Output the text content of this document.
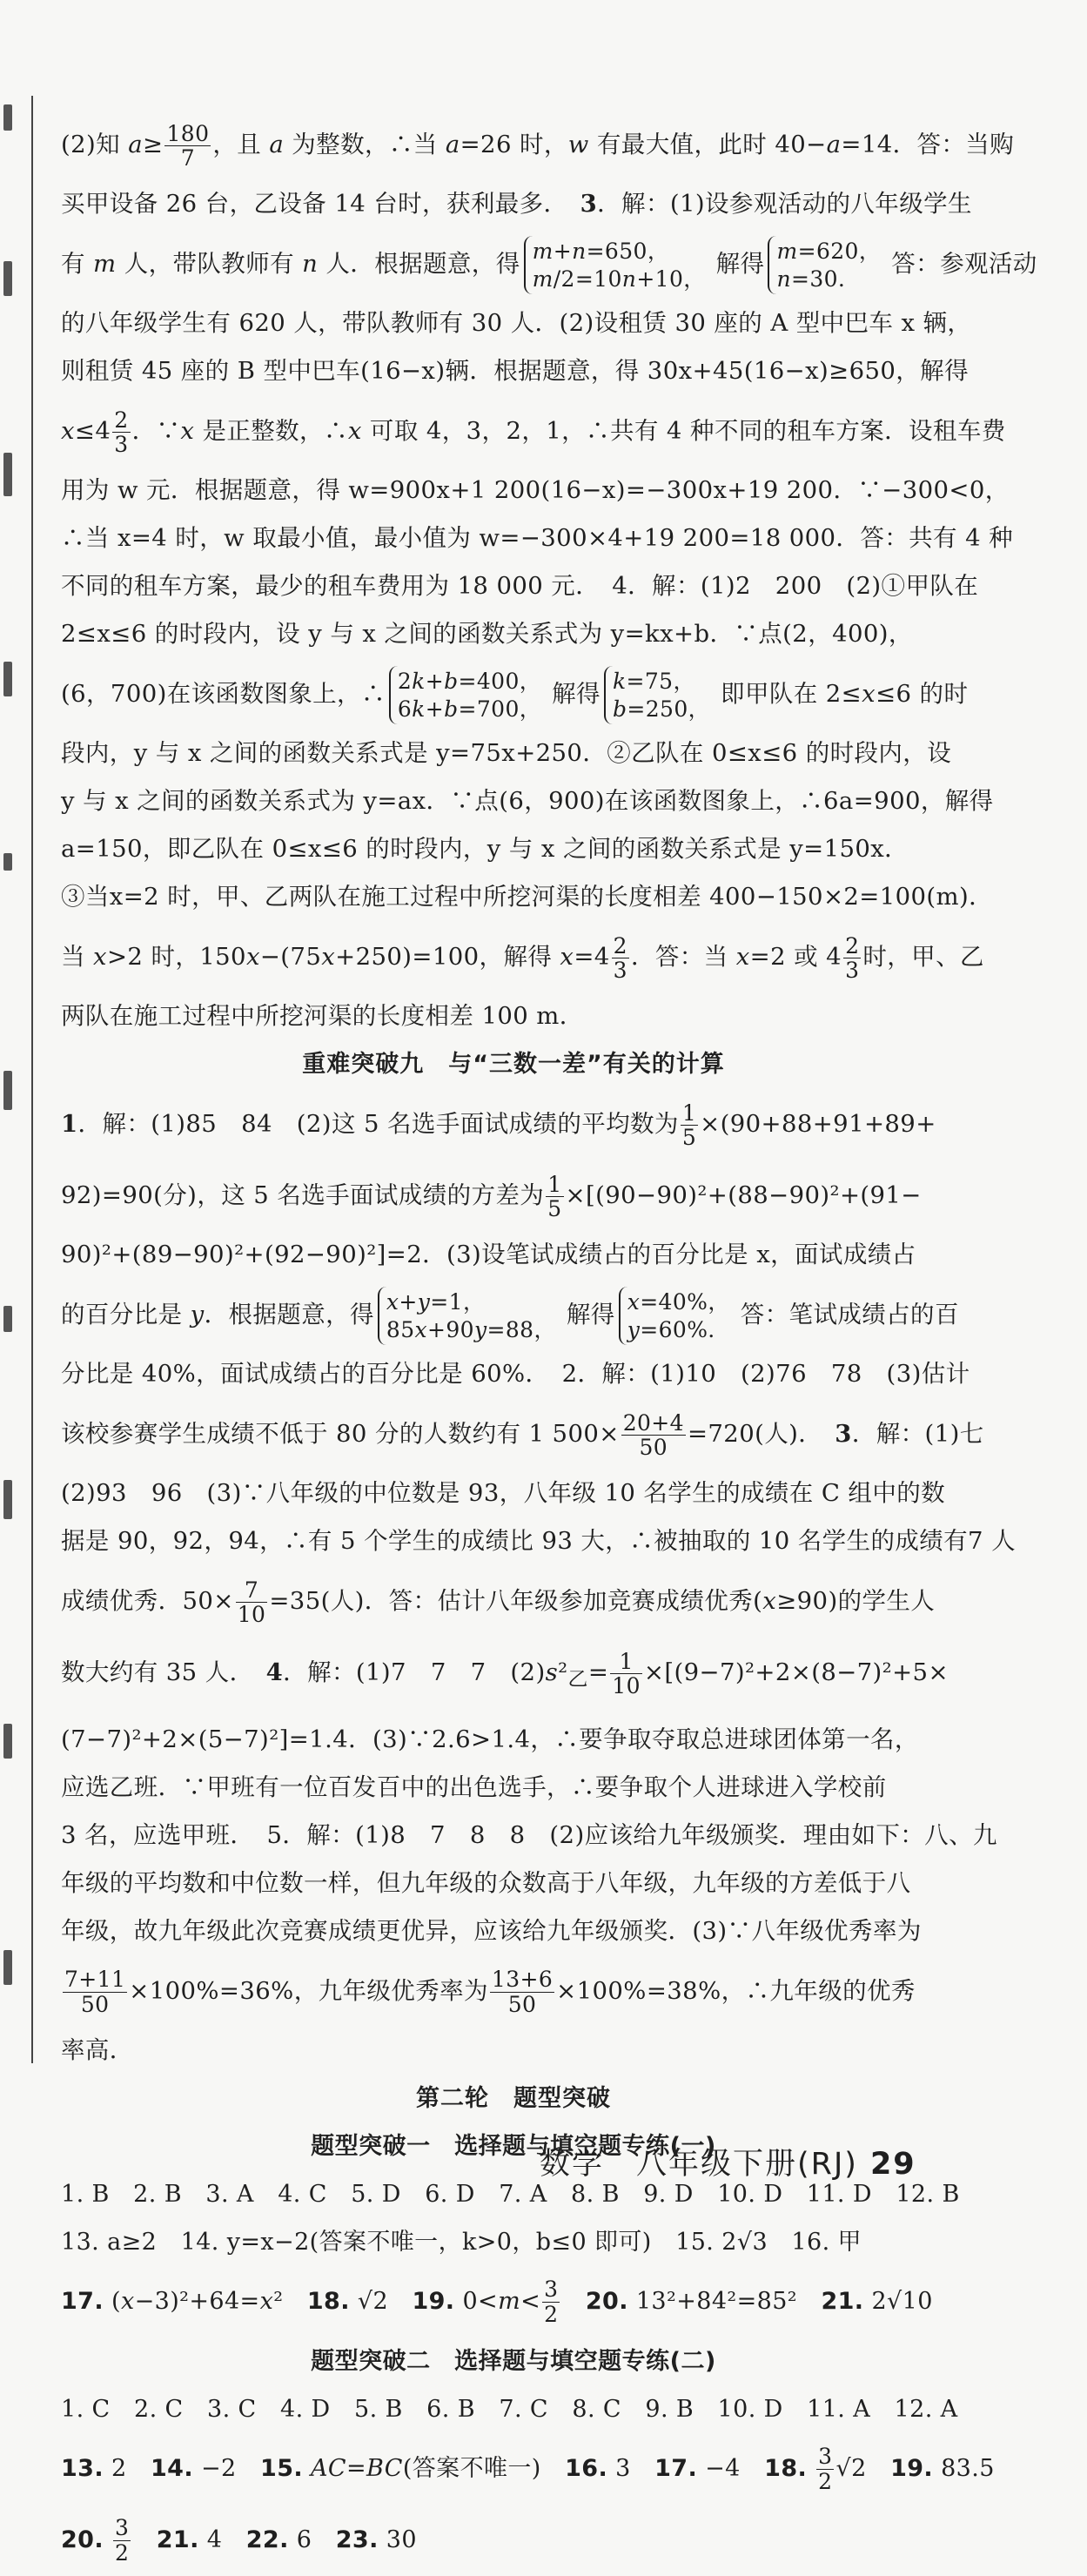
(2)知 $a\ge \frac{180}{7}$ ，且 a 为整数，∴当 a=26 时，w 有最大值，此时 40−a=14．答：当购
买甲设备 26 台，乙设备 14 台时，获利最多．　3．解：(1)设参观活动的八年级学生
有 m 人，带队教师有 n 人．根据题意，得 m+n=650，
m/2=10n+10，
解得 m=620，
n=30．
答：参观活动
的八年级学生有 620 人，带队教师有 30 人．(2)设租赁 30 座的 A 型中巴车 x 辆，
则租赁 45 座的 B 型中巴车(16−x)辆．根据题意，得 30x+45(16−x)≥650，解得
$x\le 4 \frac{2}{3}$ ．∵x 是正整数，∴x 可取 4，3，2，1，∴共有 4 种不同的租车方案．设租车费
用为 w 元．根据题意，得 w=900x+1 200(16−x)=−300x+19 200．∵−300<0，
∴当 x=4 时，w 取最小值，最小值为 w=−300×4+19 200=18 000．答：共有 4 种
不同的租车方案，最少的租车费用为 18 000 元．　4．解：(1)2　200　(2)①甲队在
2≤x≤6 的时段内，设 y 与 x 之间的函数关系式为 y=kx+b．∵点(2，400)，
(6，700)在该函数图象上，∴ 2k+b=400，
6k+b=700，
解得 k=75，
b=250，
即甲队在 2≤x≤6 的时
段内，y 与 x 之间的函数关系式是 y=75x+250．②乙队在 0≤x≤6 的时段内，设
y 与 x 之间的函数关系式为 y=ax．∵点(6，900)在该函数图象上，∴6a=900，解得
a=150，即乙队在 0≤x≤6 的时段内，y 与 x 之间的函数关系式是 y=150x．
③当x=2 时，甲、乙两队在施工过程中所挖河渠的长度相差 400−150×2=100(m)．
当 x>2 时，150x−(75x+250)=100，解得 $x=4 \frac{2}{3}$ ．答：当 x=2 或 $4 \frac{2}{3}$ 时，甲、乙
两队在施工过程中所挖河渠的长度相差 100 m．
重难突破九　与“三数一差”有关的计算
1．解：(1)85　84　(2)这 5 名选手面试成绩的平均数为 $\frac{1}{5} \times(90+88+91+89+$
92)=90(分)，这 5 名选手面试成绩的方差为 $\frac{1}{5} \times[(90-90)^2+(88-90)^2+(91-$
90)²+(89−90)²+(92−90)²]=2．(3)设笔试成绩占的百分比是 x，面试成绩占
的百分比是 y．根据题意，得 x+y=1，
85x+90y=88，
解得 x=40%，
y=60%．
答：笔试成绩占的百
分比是 40%，面试成绩占的百分比是 60%．　2．解：(1)10　(2)76　78　(3)估计
该校参赛学生成绩不低于 80 分的人数约有 1 $500\times \frac{20+4}{50} =720$(人)．　3．解：(1)七
(2)93　96　(3)∵八年级的中位数是 93，八年级 10 名学生的成绩在 C 组中的数
据是 90，92，94，∴有 5 个学生的成绩比 93 大，∴被抽取的 10 名学生的成绩有7 人
成绩优秀．$50\times \frac{7}{10} =35$(人)．答：估计八年级参加竞赛成绩优秀(x≥90)的学生人
数大约有 35 人．　4．解：(1)7　7　7　$(2)s^2_乙= \frac{1}{10} \times[(9-7)^2+2\times(8-7)^2+5\times$
(7−7)²+2×(5−7)²]=1.4．(3)∵2.6>1.4，∴要争取夺取总进球团体第一名，
应选乙班．∵甲班有一位百发百中的出色选手，∴要争取个人进球进入学校前
3 名，应选甲班．　5．解：(1)8　7　8　8　(2)应该给九年级颁奖．理由如下：八、九
年级的平均数和中位数一样，但九年级的众数高于八年级，九年级的方差低于八
年级，故九年级此次竞赛成绩更优异，应该给九年级颁奖．(3)∵八年级优秀率为
$\frac{7+11}{50} \times 100\%=36\%$，九年级优秀率为 $\frac{13+6}{50} \times 100\%=38\%$，∴九年级的优秀
率高．
第二轮　题型突破
题型突破一　选择题与填空题专练(一)
1. B　2. B　3. A　4. C　5. D　6. D　7. A　8. B　9. D　10. D　11. D　12. B
13. a≥2　14. y=x−2(答案不唯一，k>0，b≤0 即可)　15. 2√3　16. 甲
17. (x−3)²+64=x²　18. √2　19. $0<m< \frac{3}{2}$
　 20. 13²+84²=85²　21. 2√10
题型突破二　选择题与填空题专练(二)
1. C　2. C　3. C　4. D　5. B　6. B　7. C　8. C　9. B　10. D　11. A　12. A
13. 2　14. −2　15. AC=BC(答案不唯一)　16. 3　17. −4　18. $\frac{3}{2} √2$　19. 83.5
20. $\frac{3}{2}$
　 21. 4　22. 6　23. 30
数学　八年级下册(RJ) 29
